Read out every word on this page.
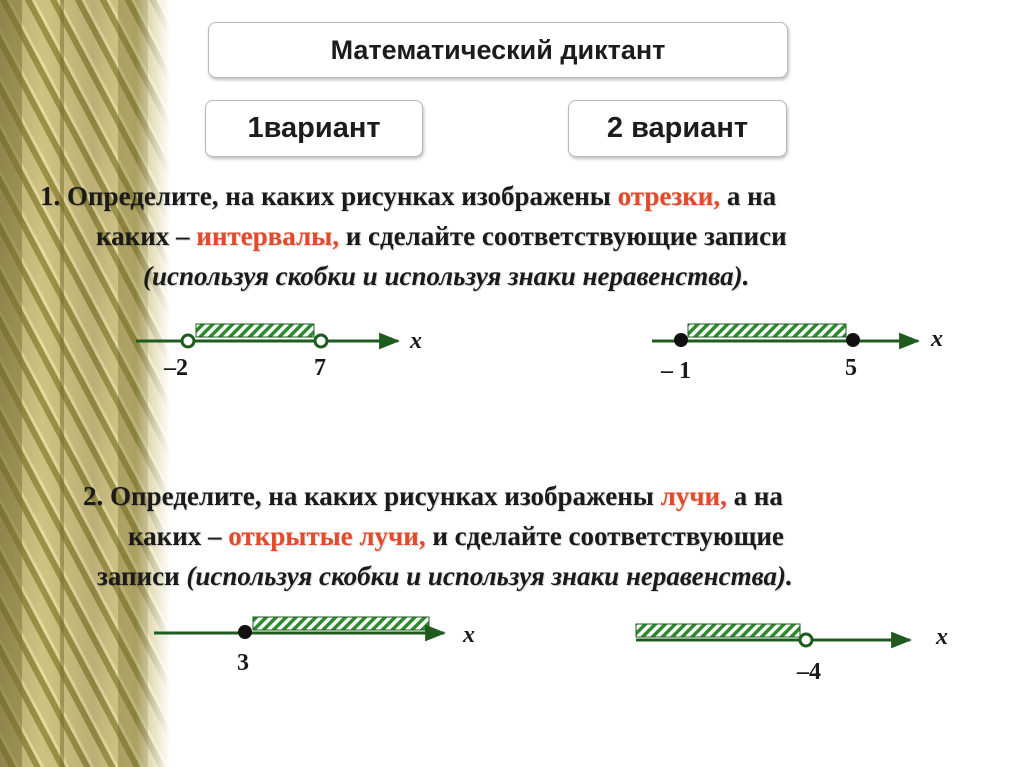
Математический диктант
1вариант	2 вариант
1. Определите, на каких рисунках изображены отрезки, а на
каких – интервалы, и сделайте соответствующие записи
(используя скобки и используя знаки неравенства).
2. Определите, на каких рисунках изображены лучи, а на
каких – открытые лучи, и сделайте соответствующие
записи (используя скобки и используя знаки неравенства).
–2	7
x
– 1	5
x
3
x
–4
x
